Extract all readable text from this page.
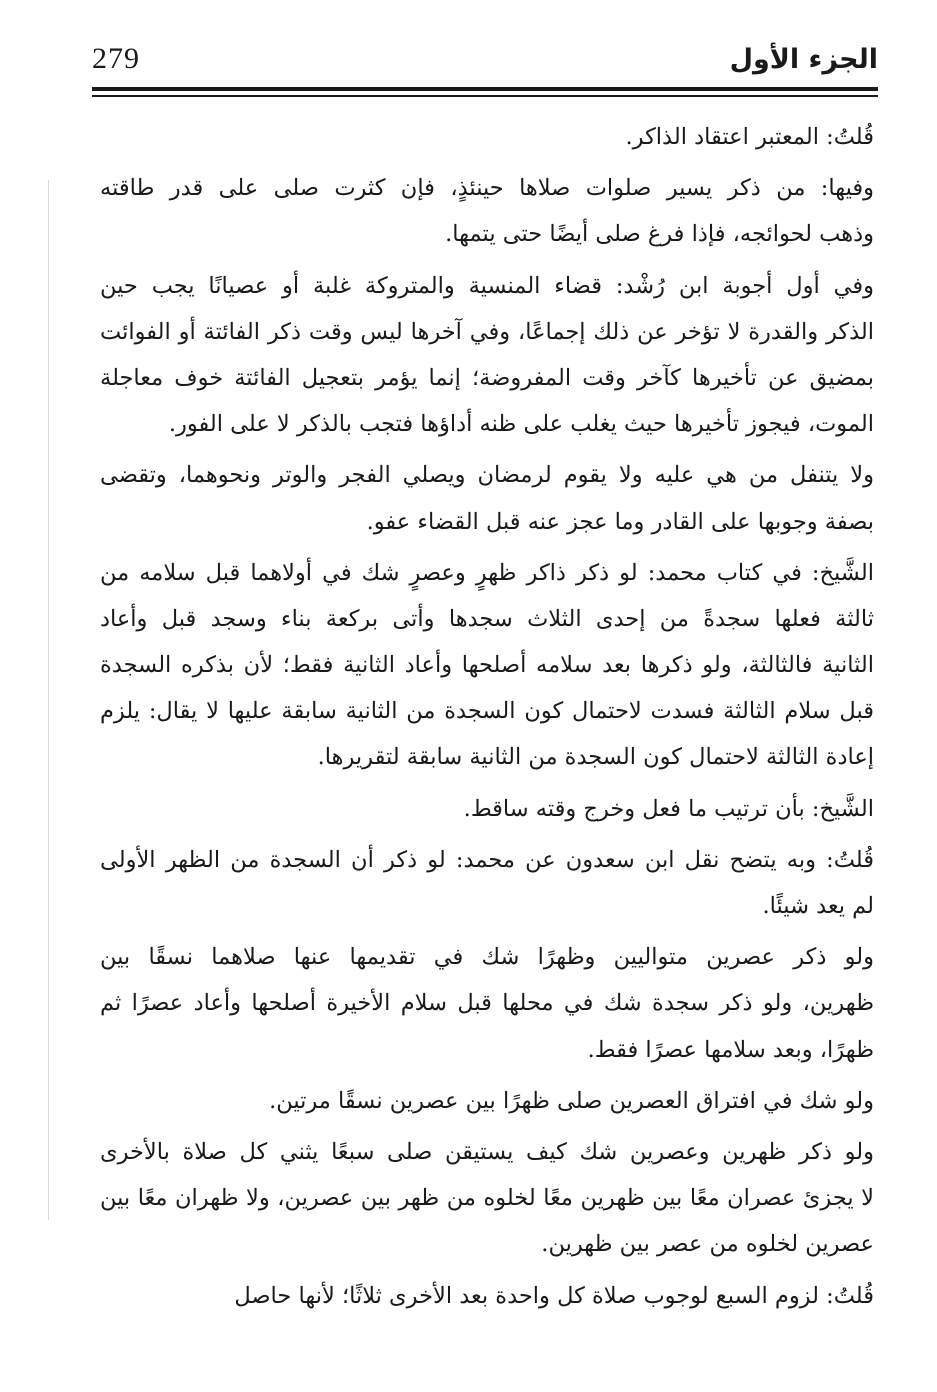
279	الجزء الأول
قُلتُ: المعتبر اعتقاد الذاكر.
وفيها: من ذكر يسير صلوات صلاها حينئذٍ، فإن كثرت صلى على قدر طاقته
وذهب لحوائجه، فإذا فرغ صلى أيضًا حتى يتمها.
وفي أول أجوبة ابن رُشْد: قضاء المنسية والمتروكة غلبة أو عصيانًا يجب حين
الذكر والقدرة لا تؤخر عن ذلك إجماعًا، وفي آخرها ليس وقت ذكر الفائتة أو الفوائت
بمضيق عن تأخيرها كآخر وقت المفروضة؛ إنما يؤمر بتعجيل الفائتة خوف معاجلة
الموت، فيجوز تأخيرها حيث يغلب على ظنه أداؤها فتجب بالذكر لا على الفور.
ولا يتنفل من هي عليه ولا يقوم لرمضان ويصلي الفجر والوتر ونحوهما، وتقضى
بصفة وجوبها على القادر وما عجز عنه قبل القضاء عفو.
الشَّيخ: في كتاب محمد: لو ذكر ذاكر ظهرٍ وعصرٍ شك في أولاهما قبل سلامه من
ثالثة فعلها سجدةً من إحدى الثلاث سجدها وأتى بركعة بناء وسجد قبل وأعاد
الثانية فالثالثة، ولو ذكرها بعد سلامه أصلحها وأعاد الثانية فقط؛ لأن بذكره السجدة
قبل سلام الثالثة فسدت لاحتمال كون السجدة من الثانية سابقة عليها لا يقال: يلزم
إعادة الثالثة لاحتمال كون السجدة من الثانية سابقة لتقريرها.
الشَّيخ: بأن ترتيب ما فعل وخرج وقته ساقط.
قُلتُ: وبه يتضح نقل ابن سعدون عن محمد: لو ذكر أن السجدة من الظهر الأولى
لم يعد شيئًا.
ولو ذكر عصرين متواليين وظهرًا شك في تقديمها عنها صلاهما نسقًا بين
ظهرين، ولو ذكر سجدة شك في محلها قبل سلام الأخيرة أصلحها وأعاد عصرًا ثم
ظهرًا، وبعد سلامها عصرًا فقط.
ولو شك في افتراق العصرين صلى ظهرًا بين عصرين نسقًا مرتين.
ولو ذكر ظهرين وعصرين شك كيف يستيقن صلى سبعًا يثني كل صلاة بالأخرى
لا يجزئ عصران معًا بين ظهرين معًا لخلوه من ظهر بين عصرين، ولا ظهران معًا بين
عصرين لخلوه من عصر بين ظهرين.
قُلتُ: لزوم السبع لوجوب صلاة كل واحدة بعد الأخرى ثلاثًا؛ لأنها حاصل
